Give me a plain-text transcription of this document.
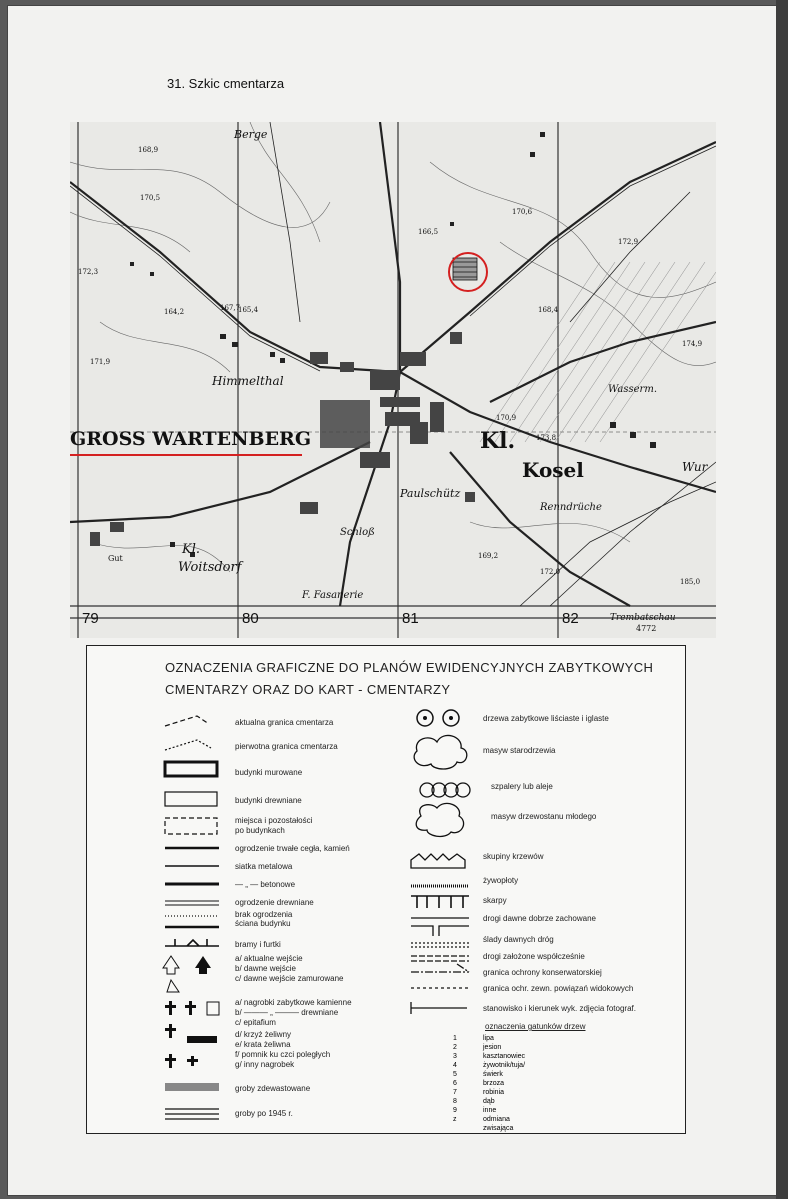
31. Szkic cmentarza
GROSS WARTENBERG	Kl.
Kosel
Himmelthal
Kl.
Woitsdorf
Paulschütz
Schloß
F. Fasanerie
Wasserm.
Renndrüche
Trembatschau
4772
Berge
Wur
Gut
168,9
170,5
164,2
172,3
171,9
167,7
166,5
170,6
172,9
168,4
170,9
173,8
174,9
169,2
165,4
172,0
185,0
79	80	81	82
OZNACZENIA GRAFICZNE DO PLANÓW EWIDENCYJNYCH ZABYTKOWYCH
CMENTARZY ORAZ DO KART - CMENTARZY
aktualna granica cmentarza
pierwotna granica cmentarza
budynki murowane
budynki drewniane
miejsca i pozostałości
po budynkach
ogrodzenie trwałe cegła, kamień
siatka metalowa
— „ — betonowe
ogrodzenie drewniane
brak ogrodzenia
ściana budynku
bramy i furtki
a/ aktualne wejście
b/ dawne wejście
c/ dawne wejście zamurowane
a/ nagrobki zabytkowe kamienne
b/ ——— „ ——— drewniane
c/ epitafium
d/ krzyż żeliwny
e/ krata żeliwna
f/ pomnik ku czci poległych
g/ inny nagrobek
groby zdewastowane
groby po 1945 r.
drzewa zabytkowe liściaste i iglaste
masyw starodrzewia
szpalery lub aleje
masyw drzewostanu młodego
skupiny krzewów
żywopłoty
skarpy
drogi dawne dobrze zachowane
ślady dawnych dróg
drogi założone współcześnie
granica ochrony konserwatorskiej
granica ochr. zewn. powiązań widokowych
stanowisko i kierunek wyk. zdjęcia fotograf.
oznaczenia gatunków drzew
1	lipa
2	jesion
3	kasztanowiec
4	żywotnik/tuja/
5	świerk
6	brzoza
7	robinia
8	dąb
9	inne
z	odmiana zwisająca
